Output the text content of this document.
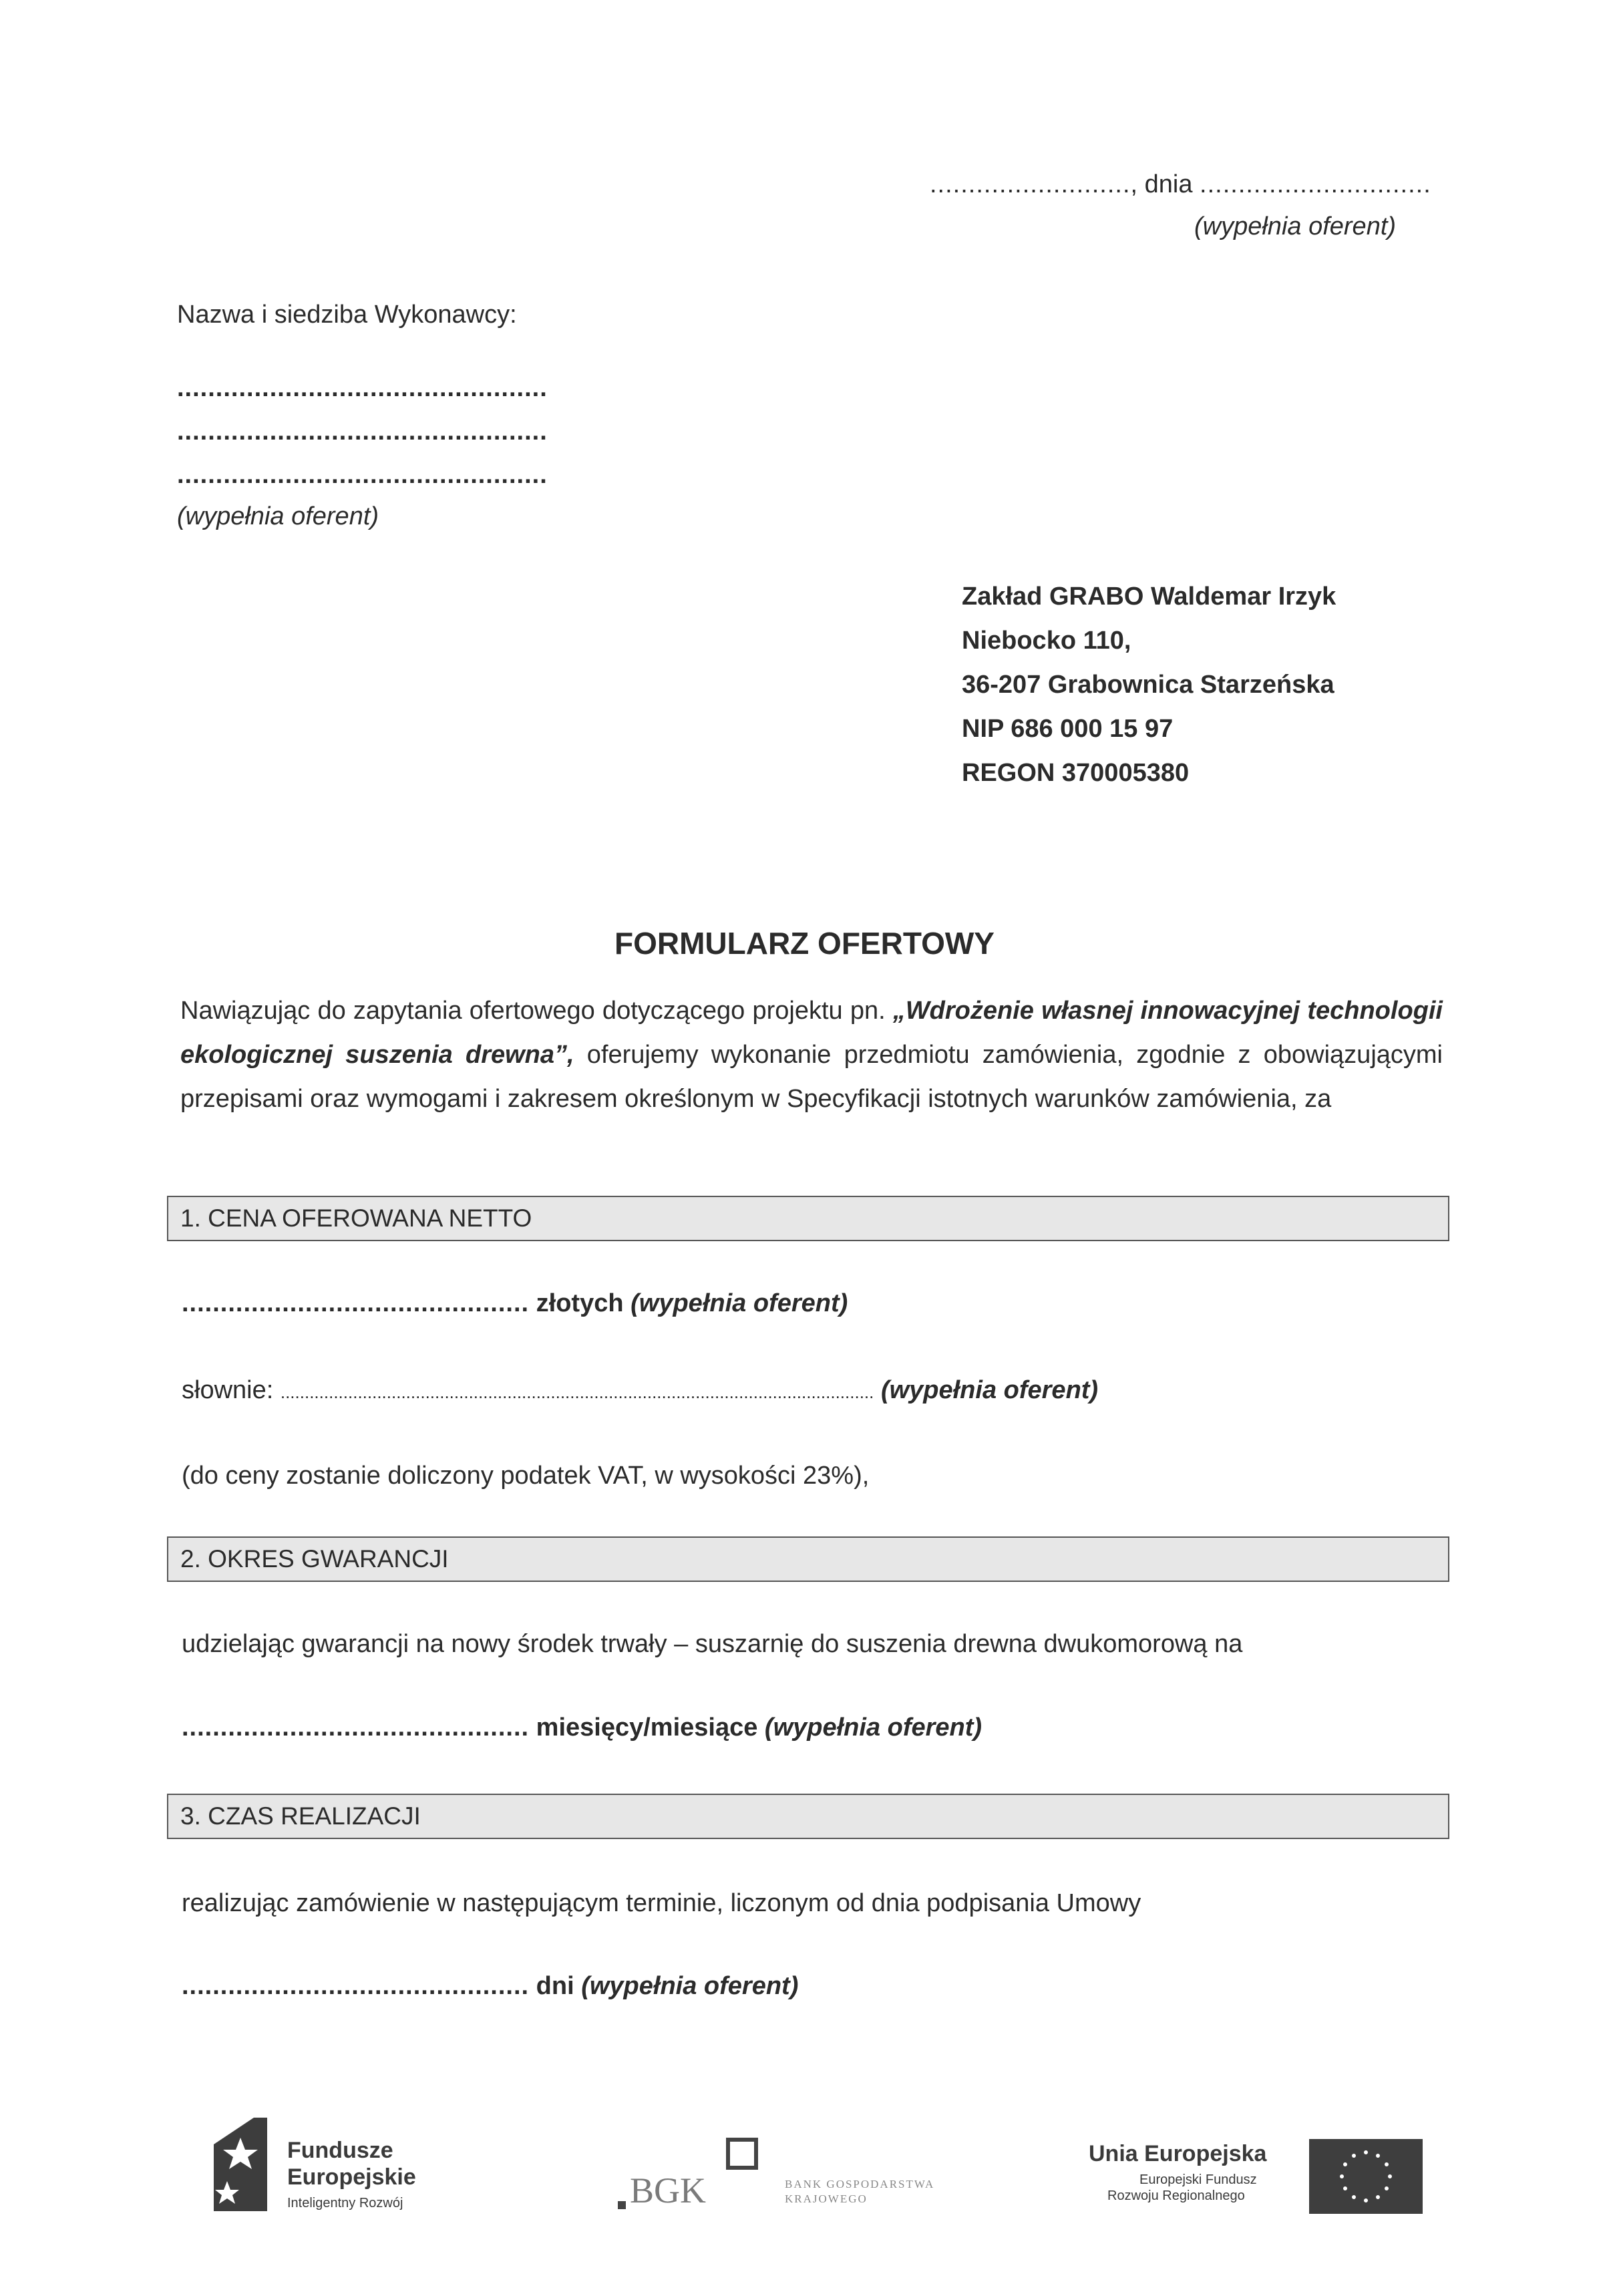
.........................., dnia ..............................
(wypełnia oferent)
Nazwa i siedziba Wykonawcy:
................................................
................................................
................................................
(wypełnia oferent)
Zakład GRABO Waldemar Irzyk
Niebocko 110,
36-207 Grabownica Starzeńska
NIP 686 000 15 97
REGON 370005380
FORMULARZ OFERTOWY
Nawiązując do zapytania ofertowego dotyczącego projektu pn. „Wdrożenie własnej innowacyjnej technologii ekologicznej suszenia drewna”, oferujemy wykonanie przedmiotu zamówienia, zgodnie z obowiązującymi przepisami oraz wymogami i zakresem określonym w Specyfikacji istotnych warunków zamówienia, za
1. CENA OFEROWANA NETTO
............................................. złotych (wypełnia oferent)
słownie: ........................................................................................................................... (wypełnia oferent)
(do ceny zostanie doliczony podatek VAT, w wysokości 23%),
2. OKRES GWARANCJI
udzielając gwarancji na nowy środek trwały – suszarnię do suszenia drewna dwukomorową na
............................................. miesięcy/miesiące (wypełnia oferent)
3. CZAS REALIZACJI
realizując zamówienie w następującym terminie, liczonym od dnia podpisania Umowy
............................................. dni (wypełnia oferent)
Fundusze
Europejskie
Inteligentny Rozwój	BGK	BANK GOSPODARSTWA
KRAJOWEGO
Unia Europejska
Europejski Fundusz
Rozwoju Regionalnego
